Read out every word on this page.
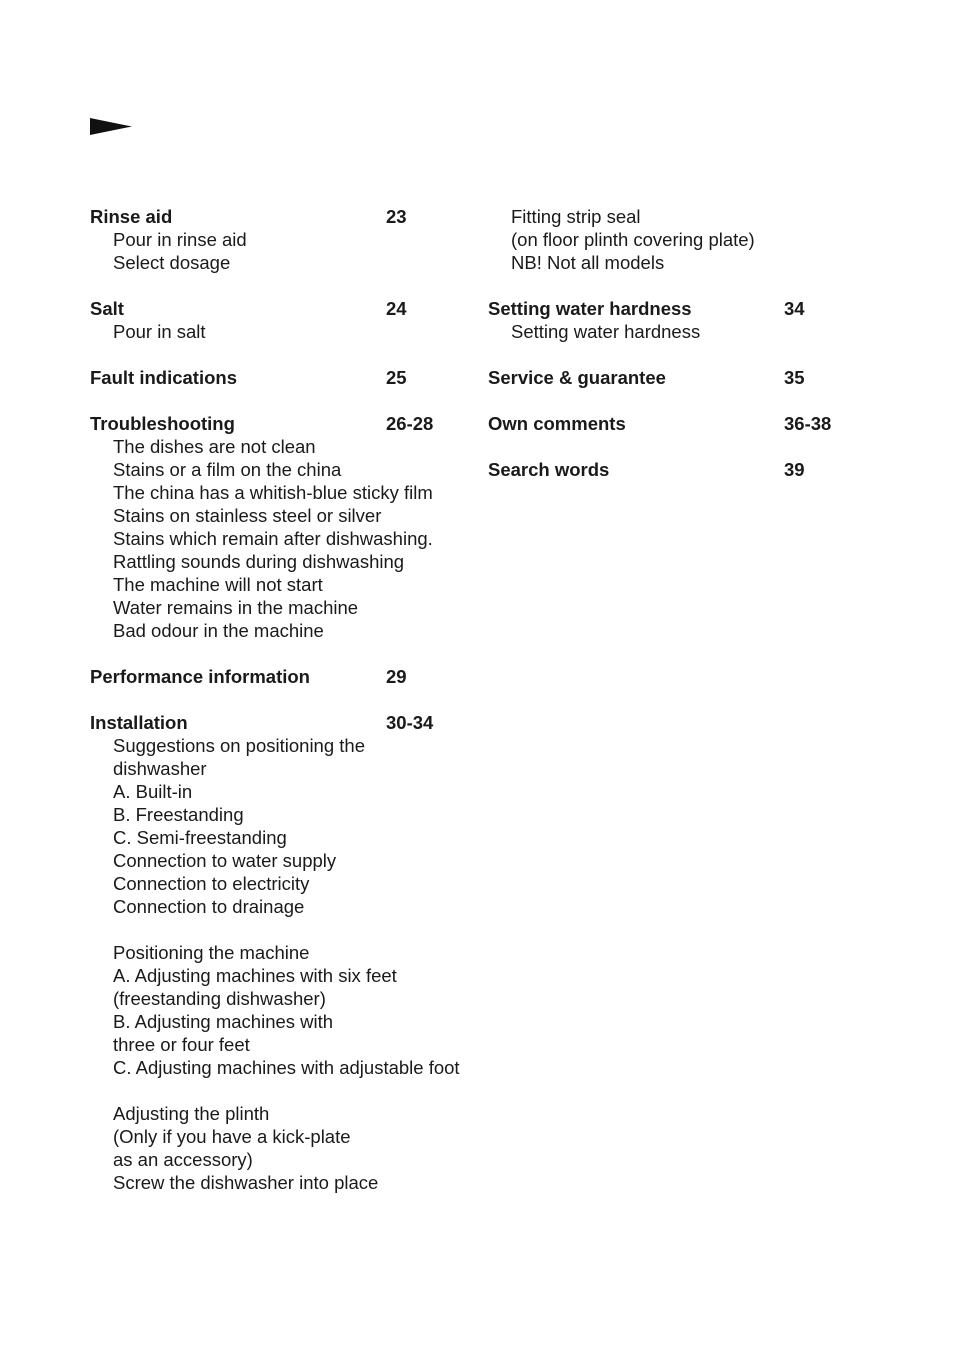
Rinse aid	23
Pour in rinse aid
Select dosage
Salt	24
Pour in salt
Fault indications	25
Troubleshooting	26-28
The dishes are not clean
Stains or a film on the china
The china has a whitish-blue sticky film
Stains on stainless steel or silver
Stains which remain after dishwashing.
Rattling sounds during dishwashing
The machine will not start
Water remains in the machine
Bad odour in the machine
Performance information	29
Installation	30-34
Suggestions on positioning the
dishwasher
A. Built-in
B. Freestanding
C. Semi-freestanding
Connection to water supply
Connection to electricity
Connection to drainage
Positioning the machine
A. Adjusting machines with six feet
(freestanding dishwasher)
B. Adjusting machines with
three or four feet
C. Adjusting machines with adjustable foot
Adjusting the plinth
(Only if you have a kick-plate
as an accessory)
Screw the dishwasher into place
Fitting strip seal
(on floor plinth covering plate)
NB! Not all models
Setting water hardness	34
Setting water hardness
Service & guarantee	35
Own comments	36-38
Search words	39
